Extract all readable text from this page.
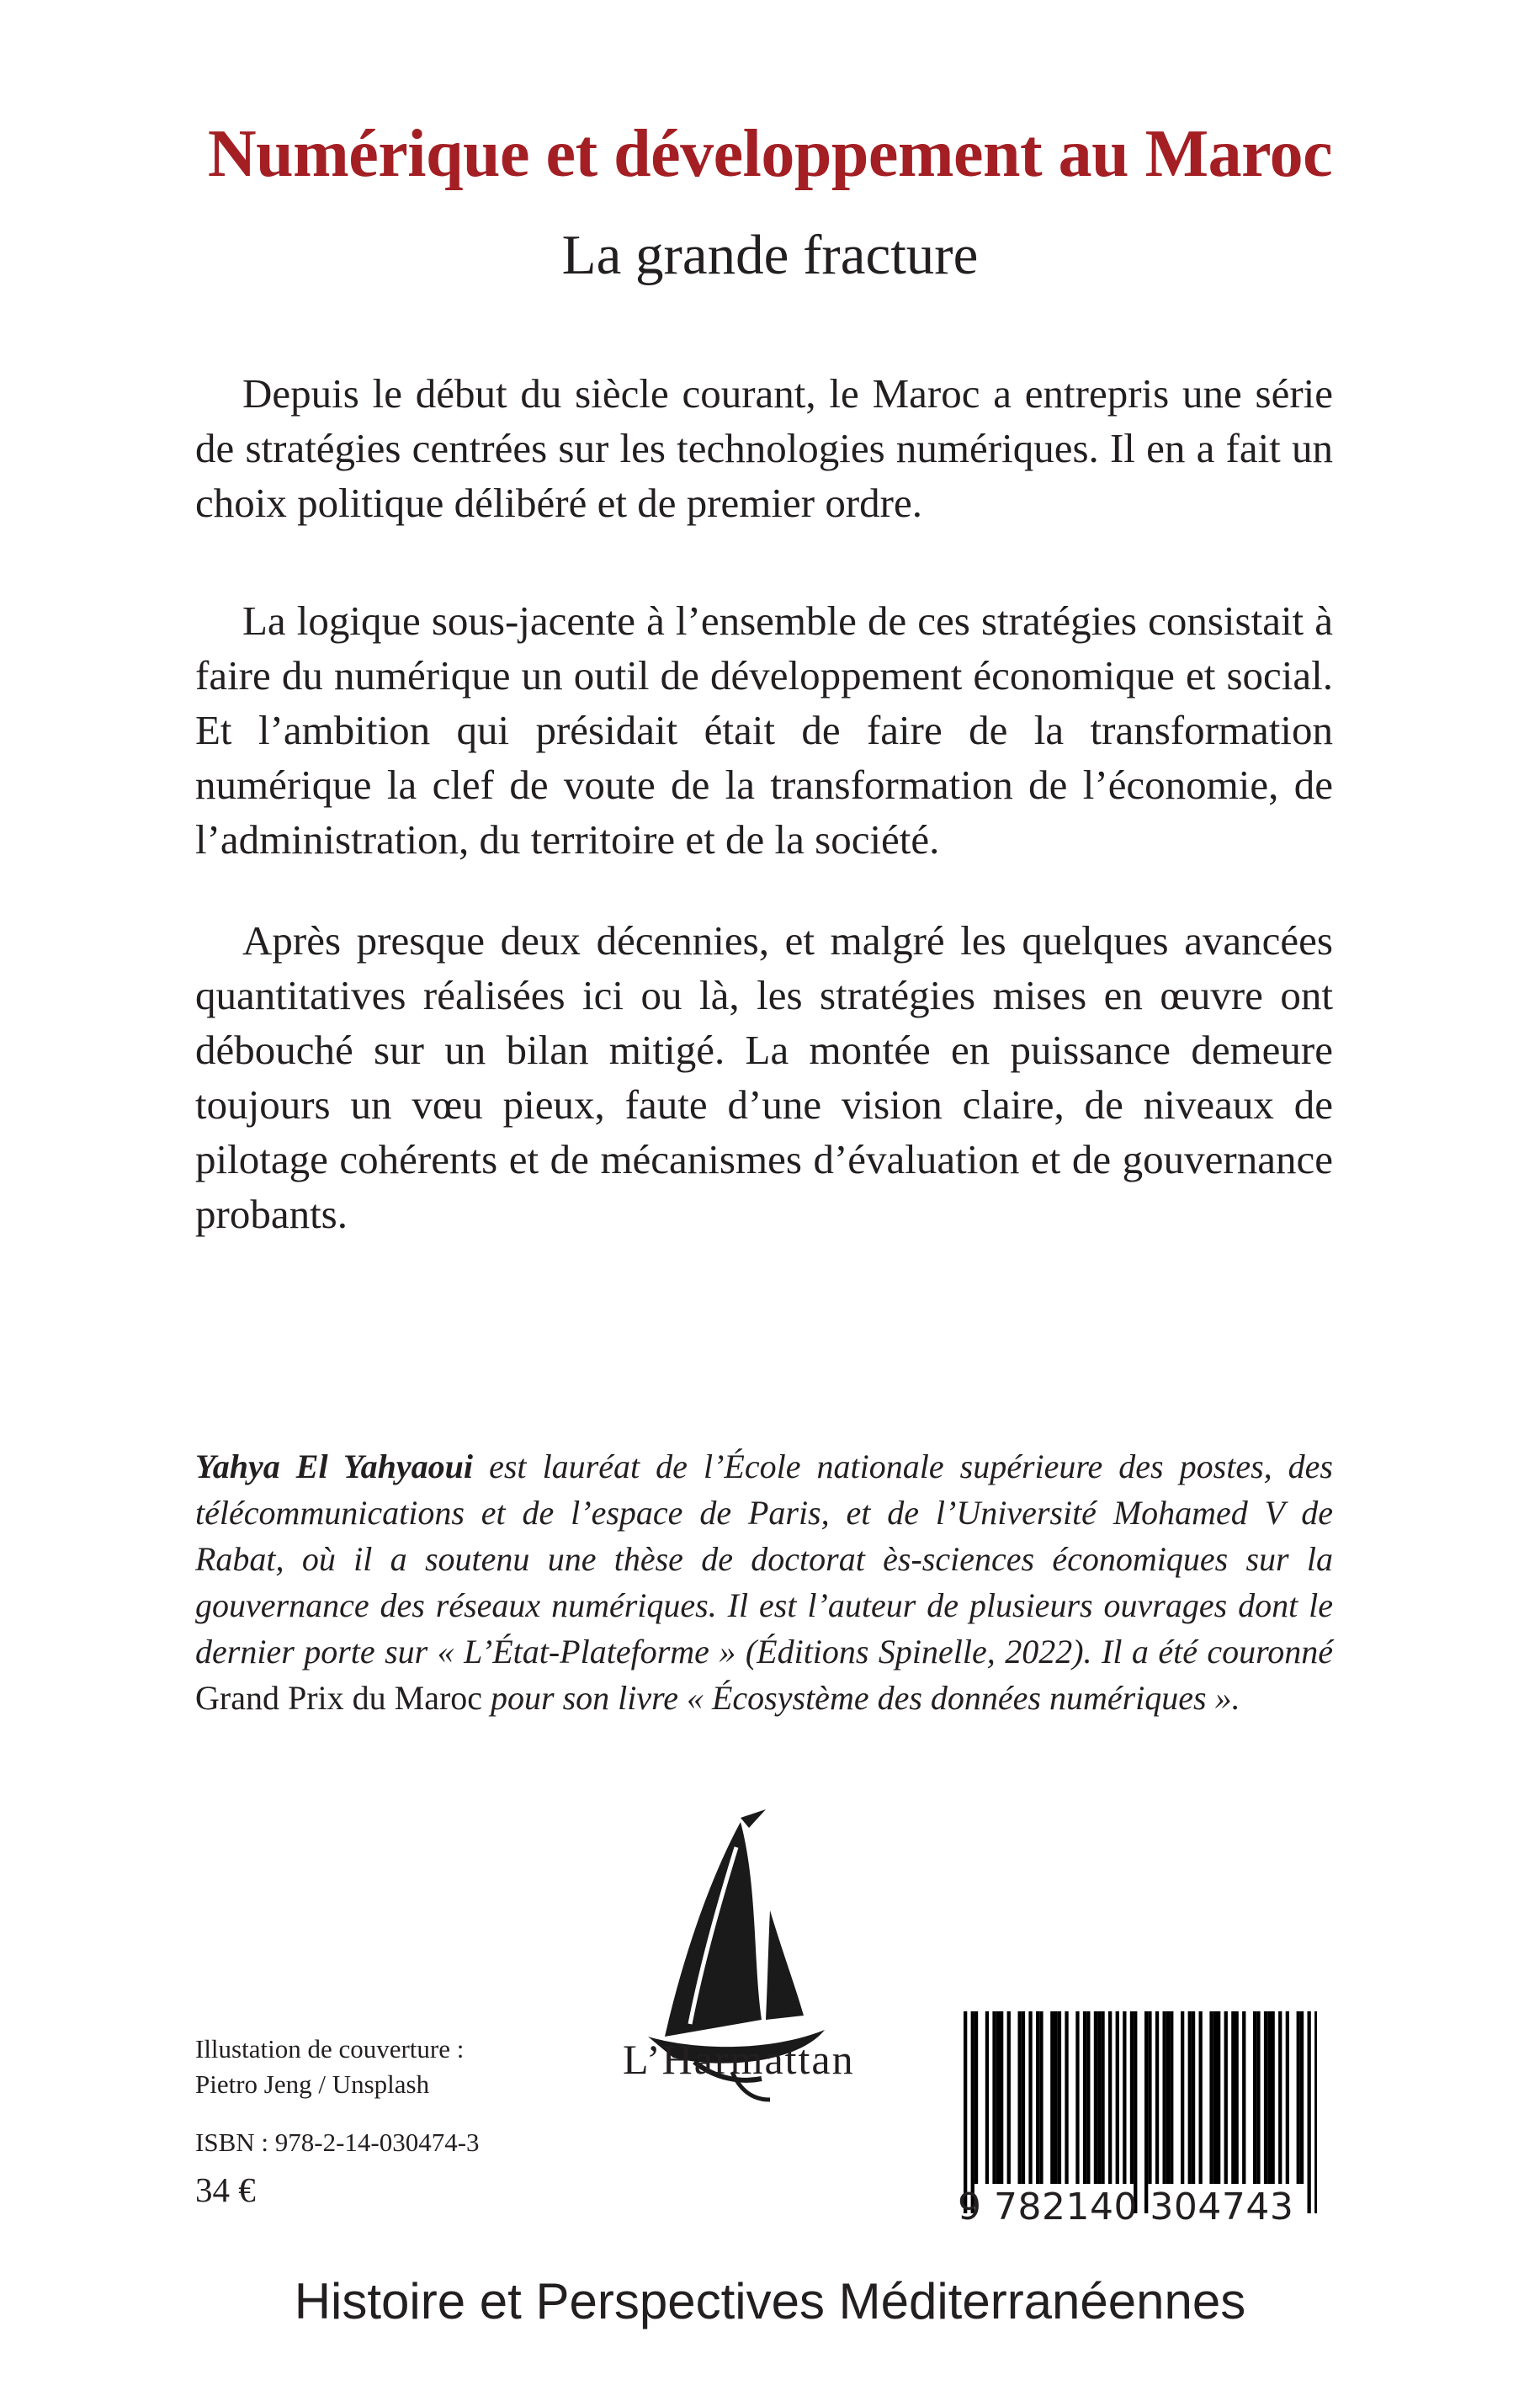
Numérique et développement au Maroc
La grande fracture

Depuis le début du siècle courant, le Maroc a entrepris une série de stratégies centrées sur les technologies numériques. Il en a fait un choix politique délibéré et de premier ordre.

La logique sous-jacente à l’ensemble de ces stratégies consistait à faire du numérique un outil de développement économique et social. Et l’ambition qui présidait était de faire de la transformation numérique la clef de voute de la transformation de l’économie, de l’administration, du territoire et de la société.

Après presque deux décennies, et malgré les quelques avancées quantitatives réalisées ici ou là, les stratégies mises en œuvre ont débouché sur un bilan mitigé. La montée en puissance demeure toujours un vœu pieux, faute d’une vision claire, de niveaux de pilotage cohérents et de mécanismes d’évaluation et de gouvernance probants.

Yahya El Yahyaoui est lauréat de l’École nationale supérieure des postes, des télécommunications et de l’espace de Paris, et de l’Université Mohamed V de Rabat, où il a soutenu une thèse de doctorat ès-sciences économiques sur la gouvernance des réseaux numériques. Il est l’auteur de plusieurs ouvrages dont le dernier porte sur « L’État-Plateforme » (Éditions Spinelle, 2022). Il a été couronné Grand Prix du Maroc pour son livre « Écosystème des données numériques ».

L’Harmattan

Illustation de couverture :

Pietro Jeng / Unsplash

ISBN : 978-2-14-030474-3

34 €	9 782140 304743

Histoire et Perspectives Méditerranéennes
